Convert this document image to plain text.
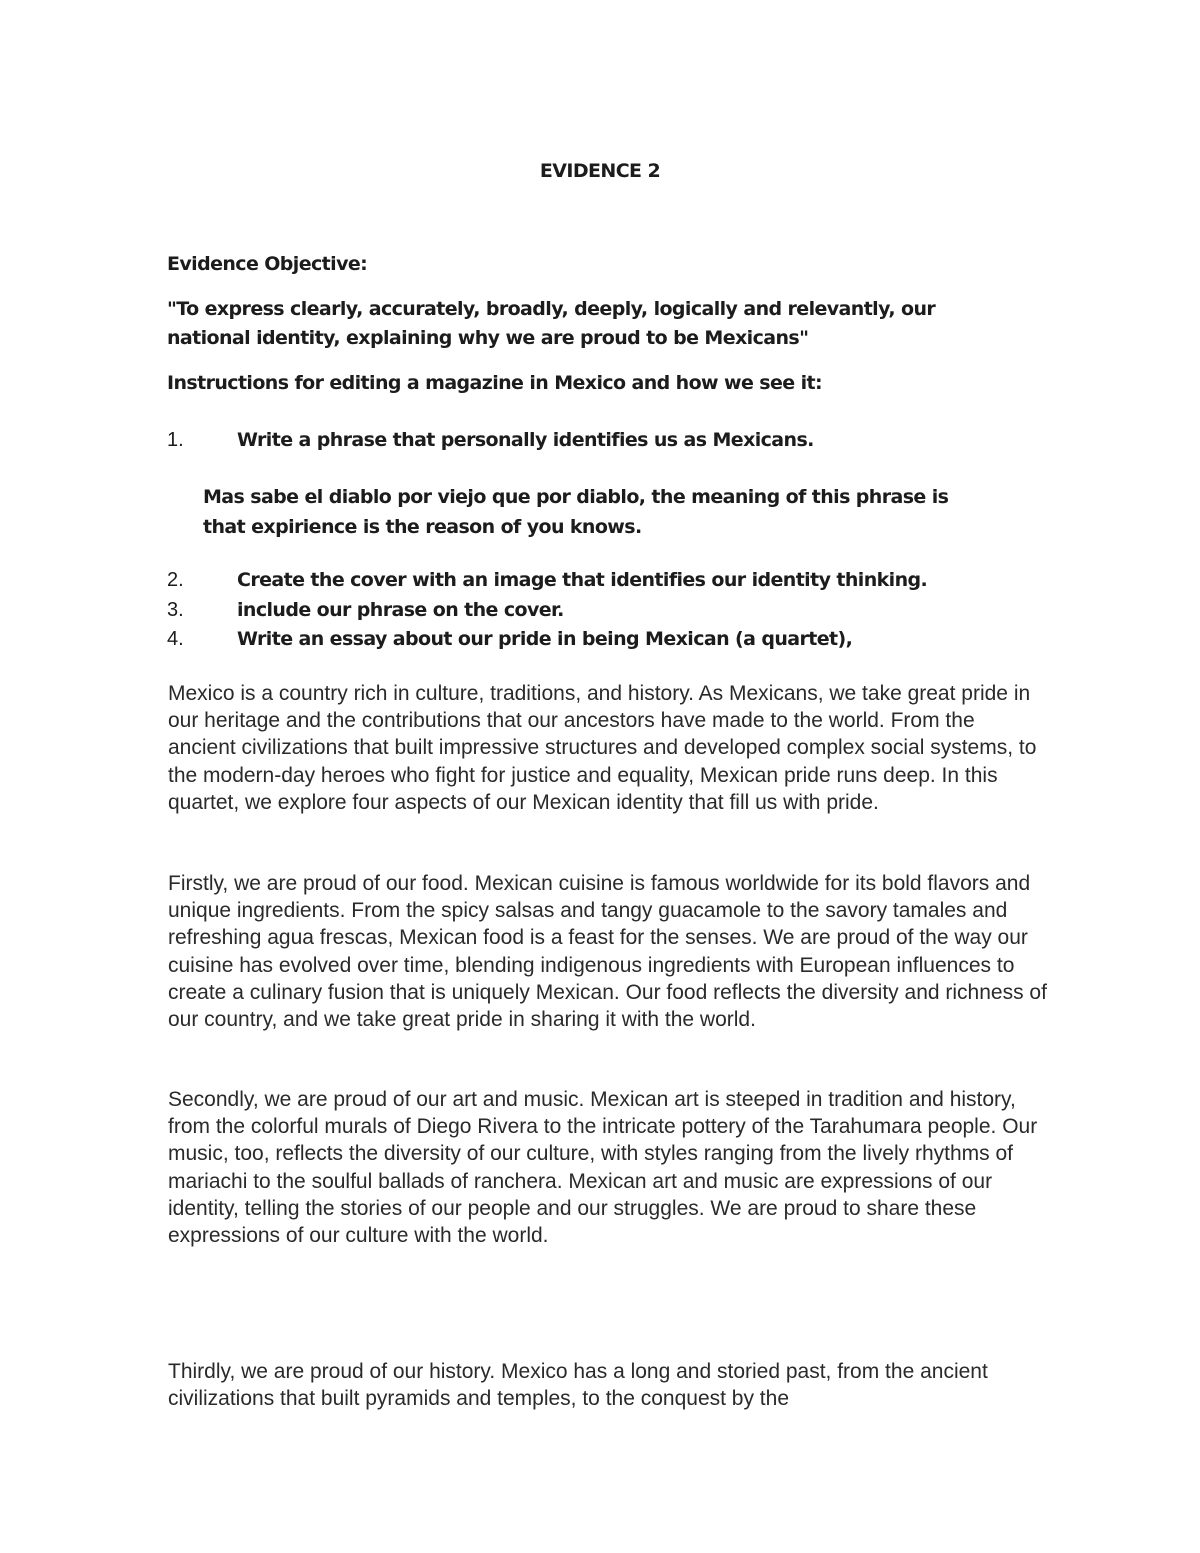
EVIDENCE 2
Evidence Objective:
"To express clearly, accurately, broadly, deeply, logically and relevantly, our national identity, explaining why we are proud to be Mexicans"
Instructions for editing a magazine in Mexico and how we see it:
1.	Write a phrase that personally identifies us as Mexicans.
Mas sabe el diablo por viejo que por diablo, the meaning of this phrase is that expirience is the reason of you knows.
2.	Create the cover with an image that identifies our identity thinking.
3.	include our phrase on the cover.
4.	Write an essay about our pride in being Mexican (a quartet),

Mexico is a country rich in culture, traditions, and history. As Mexicans, we take great pride in our heritage and the contributions that our ancestors have made to the world. From the ancient civilizations that built impressive structures and developed complex social systems, to the modern-day heroes who fight for justice and equality, Mexican pride runs deep. In this quartet, we explore four aspects of our Mexican identity that fill us with pride.

Firstly, we are proud of our food. Mexican cuisine is famous worldwide for its bold flavors and unique ingredients. From the spicy salsas and tangy guacamole to the savory tamales and refreshing agua frescas, Mexican food is a feast for the senses. We are proud of the way our cuisine has evolved over time, blending indigenous ingredients with European influences to create a culinary fusion that is uniquely Mexican. Our food reflects the diversity and richness of our country, and we take great pride in sharing it with the world.

Secondly, we are proud of our art and music. Mexican art is steeped in tradition and history, from the colorful murals of Diego Rivera to the intricate pottery of the Tarahumara people. Our music, too, reflects the diversity of our culture, with styles ranging from the lively rhythms of mariachi to the soulful ballads of ranchera. Mexican art and music are expressions of our identity, telling the stories of our people and our struggles. We are proud to share these expressions of our culture with the world.

Thirdly, we are proud of our history. Mexico has a long and storied past, from the ancient civilizations that built pyramids and temples, to the conquest by the
